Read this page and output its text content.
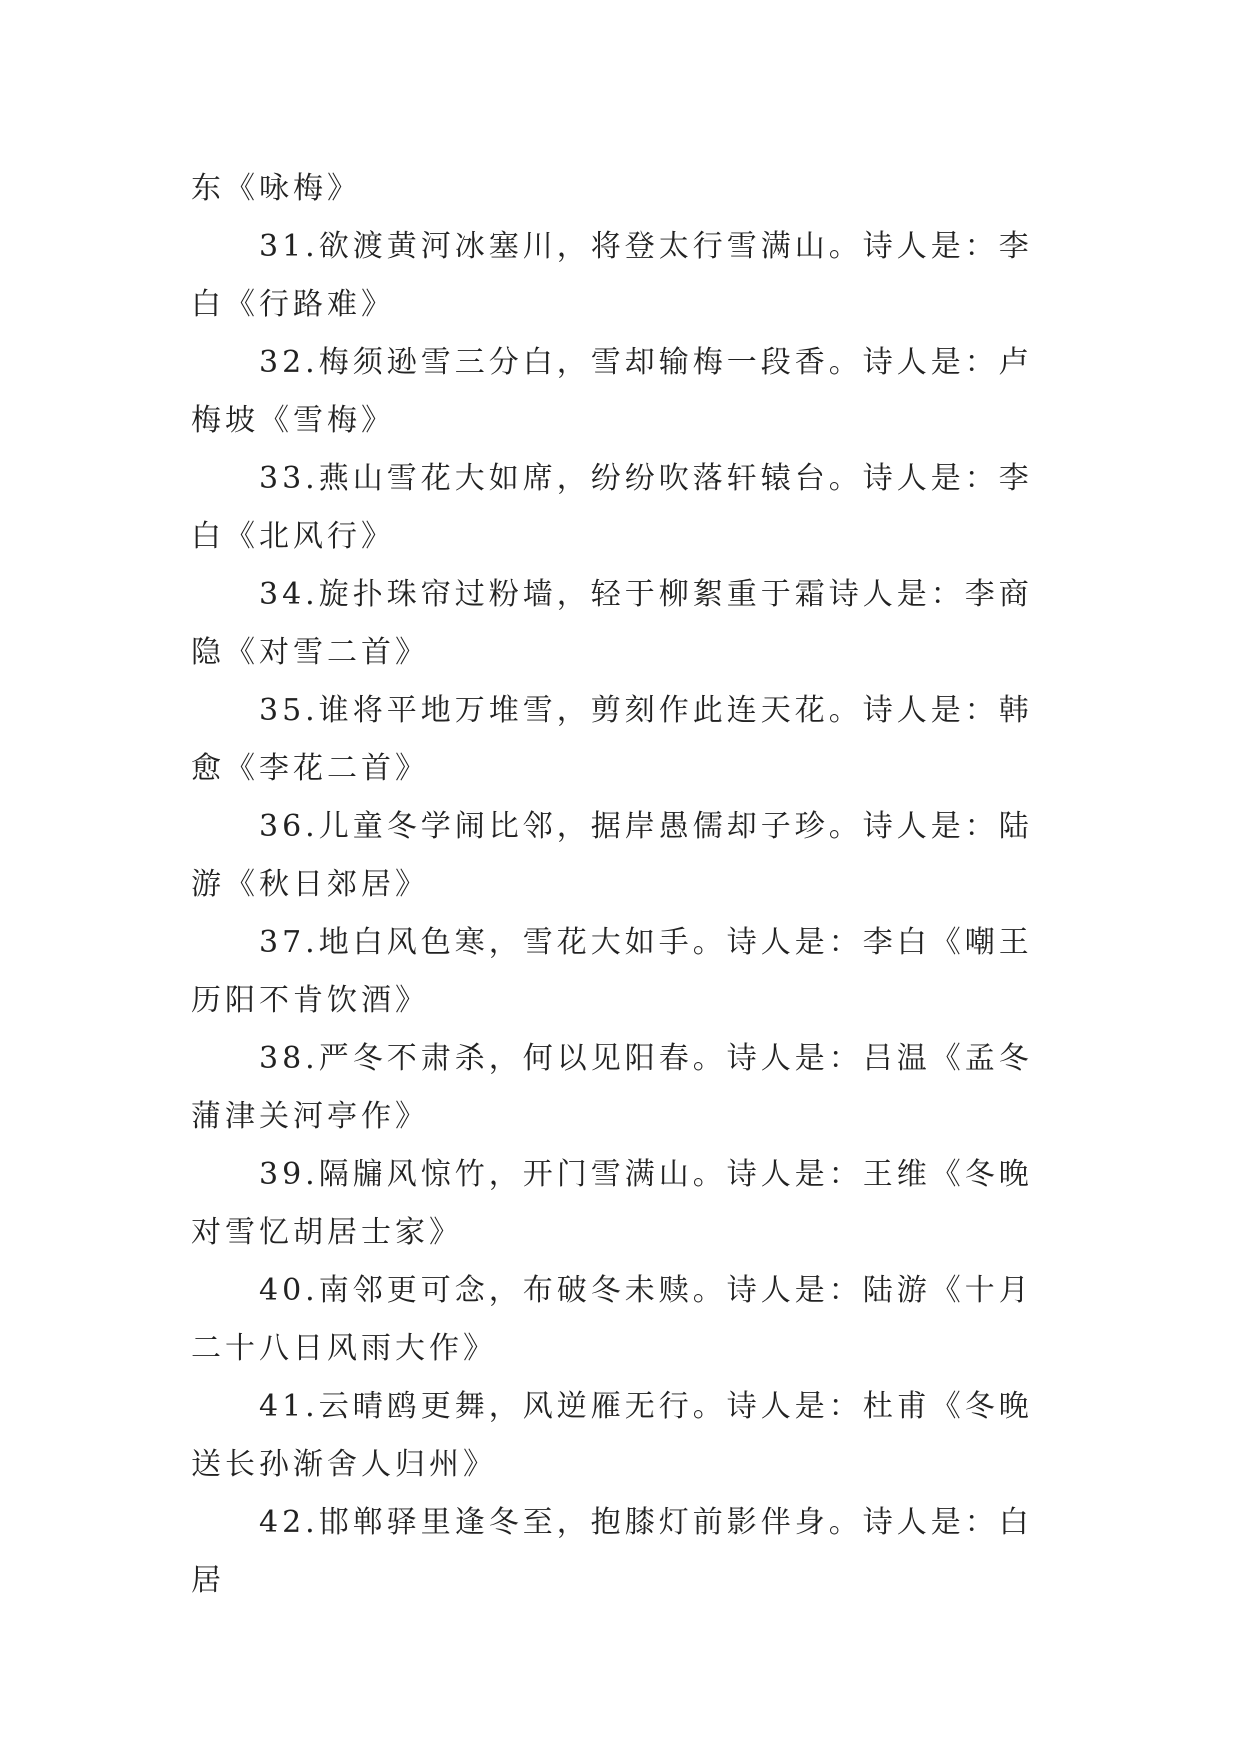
东《咏梅》

31.欲渡黄河冰塞川，将登太行雪满山。诗人是：李白《行路难》

32.梅须逊雪三分白，雪却输梅一段香。诗人是：卢梅坡《雪梅》

33.燕山雪花大如席，纷纷吹落轩辕台。诗人是：李白《北风行》

34.旋扑珠帘过粉墙，轻于柳絮重于霜诗人是：李商隐《对雪二首》

35.谁将平地万堆雪，剪刻作此连天花。诗人是：韩愈《李花二首》

36.儿童冬学闹比邻，据岸愚儒却子珍。诗人是：陆游《秋日郊居》

37.地白风色寒，雪花大如手。诗人是：李白《嘲王历阳不肯饮酒》

38.严冬不肃杀，何以见阳春。诗人是：吕温《孟冬蒲津关河亭作》

39.隔牖风惊竹，开门雪满山。诗人是：王维《冬晚对雪忆胡居士家》

40.南邻更可念，布破冬未赎。诗人是：陆游《十月二十八日风雨大作》

41.云晴鸥更舞，风逆雁无行。诗人是：杜甫《冬晚送长孙渐舍人归州》

42.邯郸驿里逢冬至，抱膝灯前影伴身。诗人是：白居
